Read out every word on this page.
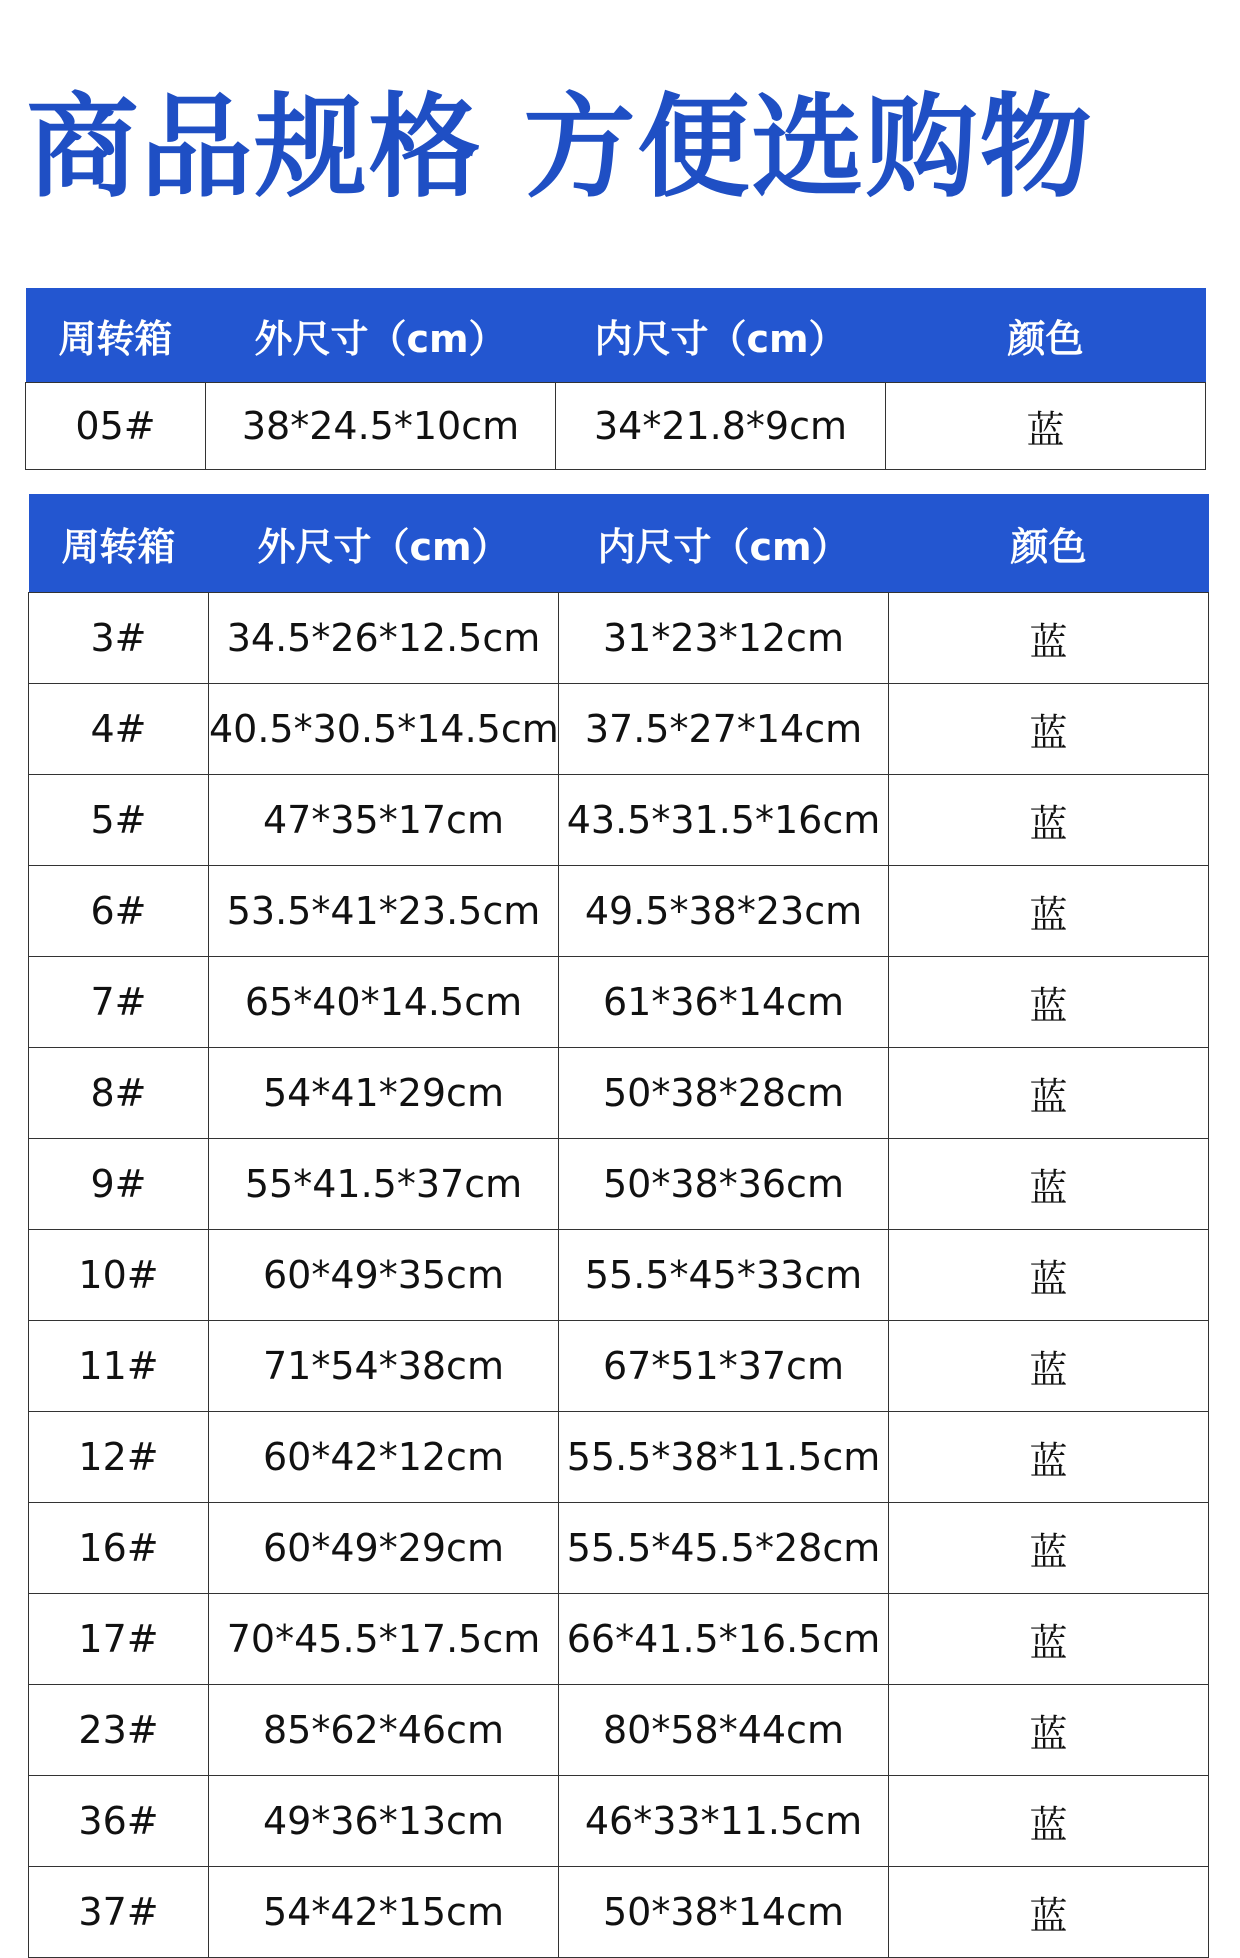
商品规格 方便选购物
周转箱	外尺寸（cm）	内尺寸（cm）	颜色
05#	38*24.5*10cm	34*21.8*9cm	蓝
周转箱	外尺寸（cm）	内尺寸（cm）	颜色
3#	34.5*26*12.5cm	31*23*12cm	蓝
4#	40.5*30.5*14.5cm	37.5*27*14cm	蓝
5#	47*35*17cm	43.5*31.5*16cm	蓝
6#	53.5*41*23.5cm	49.5*38*23cm	蓝
7#	65*40*14.5cm	61*36*14cm	蓝
8#	54*41*29cm	50*38*28cm	蓝
9#	55*41.5*37cm	50*38*36cm	蓝
10#	60*49*35cm	55.5*45*33cm	蓝
11#	71*54*38cm	67*51*37cm	蓝
12#	60*42*12cm	55.5*38*11.5cm	蓝
16#	60*49*29cm	55.5*45.5*28cm	蓝
17#	70*45.5*17.5cm	66*41.5*16.5cm	蓝
23#	85*62*46cm	80*58*44cm	蓝
36#	49*36*13cm	46*33*11.5cm	蓝
37#	54*42*15cm	50*38*14cm	蓝
